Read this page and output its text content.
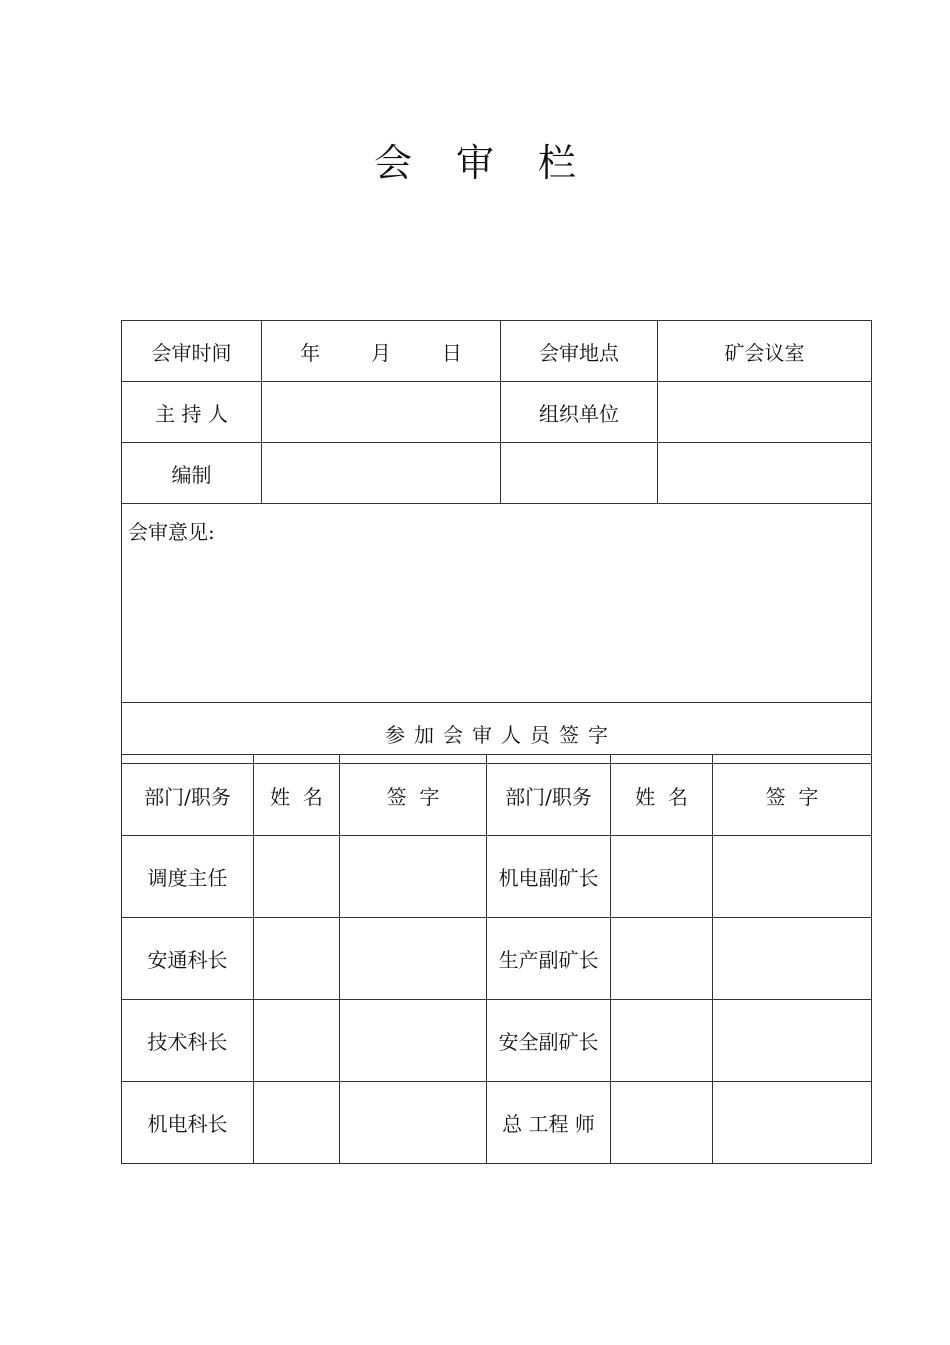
会审栏
会审时间	年        月        日	会审地点	矿会议室
主 持 人		组织单位	
编制			

会审意见:			

参加会审人员签字			
部门/职务	姓  名	签  字	部门/职务	姓  名	签  字
调度主任			机电副矿长		
安通科长			生产副矿长		
技术科长			安全副矿长		
机电科长			总 工程 师		
